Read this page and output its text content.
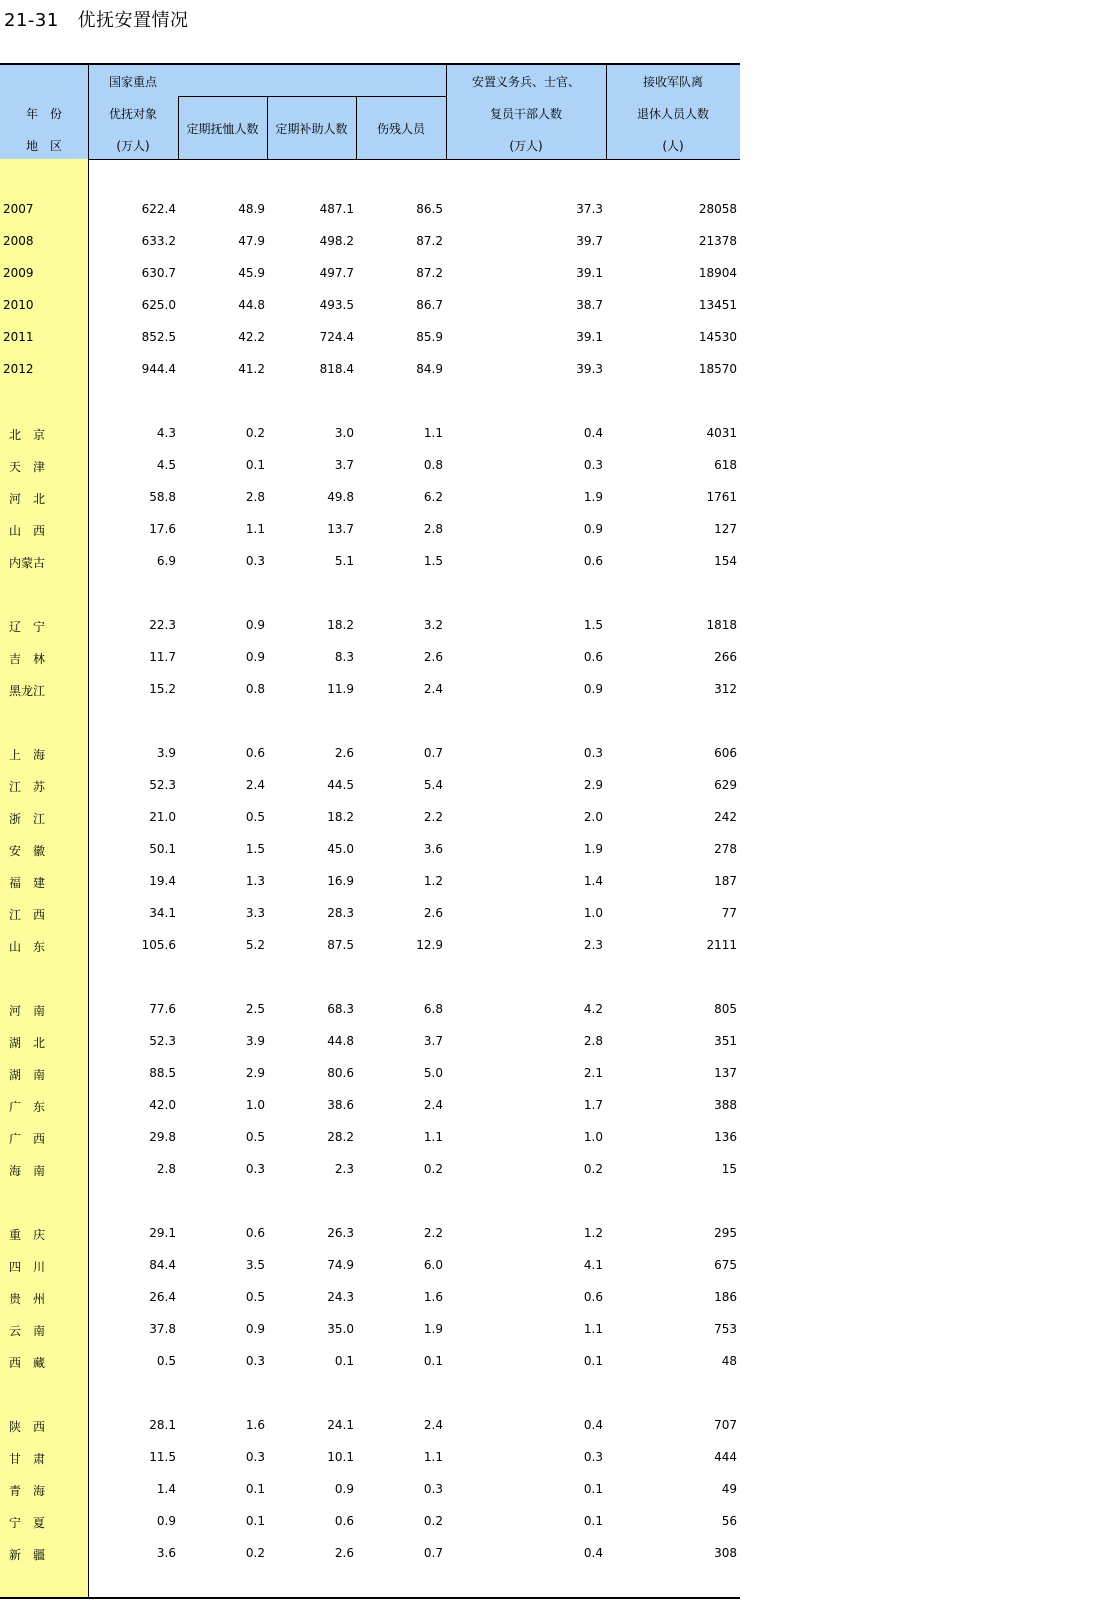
21-31   优抚安置情况
年　份
地　区
国家重点
优抚对象
(万人)
定期抚恤人数	定期补助人数	伤残人员
安置义务兵、士官、
复员干部人数
(万人)
接收军队离
退休人员人数
(人)
2007	622.4	48.9	487.1	86.5	37.3	28058
2008	633.2	47.9	498.2	87.2	39.7	21378
2009	630.7	45.9	497.7	87.2	39.1	18904
2010	625.0	44.8	493.5	86.7	38.7	13451
2011	852.5	42.2	724.4	85.9	39.1	14530
2012	944.4	41.2	818.4	84.9	39.3	18570
北　京	4.3	0.2	3.0	1.1	0.4	4031
天　津	4.5	0.1	3.7	0.8	0.3	618
河　北	58.8	2.8	49.8	6.2	1.9	1761
山　西	17.6	1.1	13.7	2.8	0.9	127
内蒙古	6.9	0.3	5.1	1.5	0.6	154
辽　宁	22.3	0.9	18.2	3.2	1.5	1818
吉　林	11.7	0.9	8.3	2.6	0.6	266
黑龙江	15.2	0.8	11.9	2.4	0.9	312
上　海	3.9	0.6	2.6	0.7	0.3	606
江　苏	52.3	2.4	44.5	5.4	2.9	629
浙　江	21.0	0.5	18.2	2.2	2.0	242
安　徽	50.1	1.5	45.0	3.6	1.9	278
福　建	19.4	1.3	16.9	1.2	1.4	187
江　西	34.1	3.3	28.3	2.6	1.0	77
山　东	105.6	5.2	87.5	12.9	2.3	2111
河　南	77.6	2.5	68.3	6.8	4.2	805
湖　北	52.3	3.9	44.8	3.7	2.8	351
湖　南	88.5	2.9	80.6	5.0	2.1	137
广　东	42.0	1.0	38.6	2.4	1.7	388
广　西	29.8	0.5	28.2	1.1	1.0	136
海　南	2.8	0.3	2.3	0.2	0.2	15
重　庆	29.1	0.6	26.3	2.2	1.2	295
四　川	84.4	3.5	74.9	6.0	4.1	675
贵　州	26.4	0.5	24.3	1.6	0.6	186
云　南	37.8	0.9	35.0	1.9	1.1	753
西　藏	0.5	0.3	0.1	0.1	0.1	48
陕　西	28.1	1.6	24.1	2.4	0.4	707
甘　肃	11.5	0.3	10.1	1.1	0.3	444
青　海	1.4	0.1	0.9	0.3	0.1	49
宁　夏	0.9	0.1	0.6	0.2	0.1	56
新　疆	3.6	0.2	2.6	0.7	0.4	308
